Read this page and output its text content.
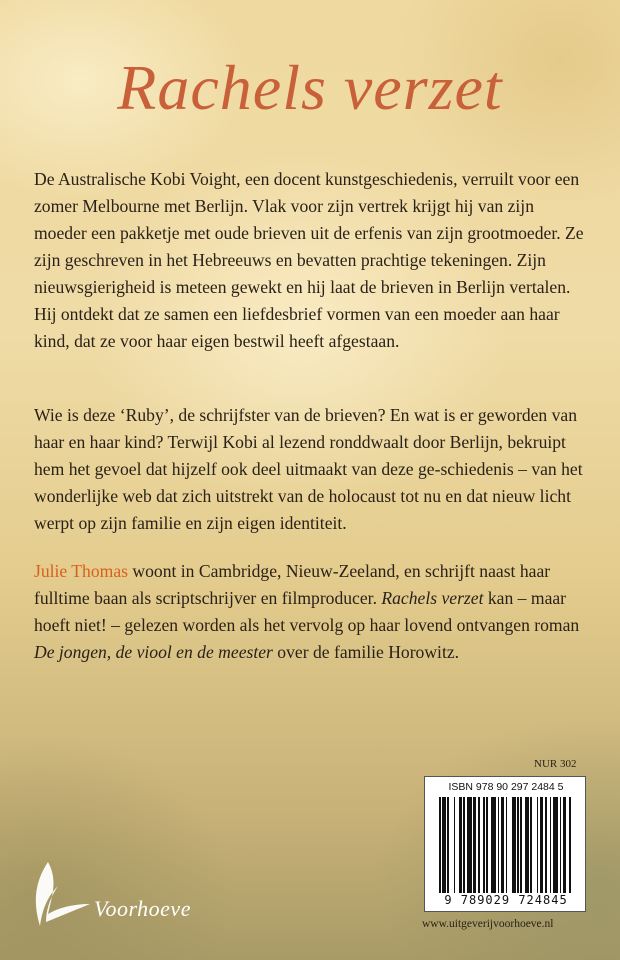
Rachels verzet

De Australische Kobi Voight, een docent kunstgeschiedenis, verruilt voor een zomer Melbourne met Berlijn. Vlak voor zijn vertrek krijgt hij van zijn moeder een pakketje met oude brieven uit de erfenis van zijn grootmoeder. Ze zijn geschreven in het Hebreeuws en bevatten prachtige tekeningen. Zijn nieuwsgierigheid is meteen gewekt en hij laat de brieven in Berlijn vertalen. Hij ontdekt dat ze samen een liefdesbrief vormen van een moeder aan haar kind, dat ze voor haar eigen bestwil heeft afgestaan.

Wie is deze ‘Ruby’, de schrijfster van de brieven? En wat is er geworden van haar en haar kind? Terwijl Kobi al lezend ronddwaalt door Berlijn, bekruipt hem het gevoel dat hijzelf ook deel uitmaakt van deze ge-schiedenis – van het wonderlijke web dat zich uitstrekt van de holocaust tot nu en dat nieuw licht werpt op zijn familie en zijn eigen identiteit.

Julie Thomas woont in Cambridge, Nieuw-Zeeland, en schrijft naast haar fulltime baan als scriptschrijver en filmproducer. Rachels verzet kan – maar hoeft niet! – gelezen worden als het vervolg op haar lovend ontvangen roman De jongen, de viool en de meester over de familie Horowitz.

NUR 302

ISBN 978 90 297 2484 5
9 789029 724845

www.uitgeverijvoorhoeve.nl

Voorhoeve
